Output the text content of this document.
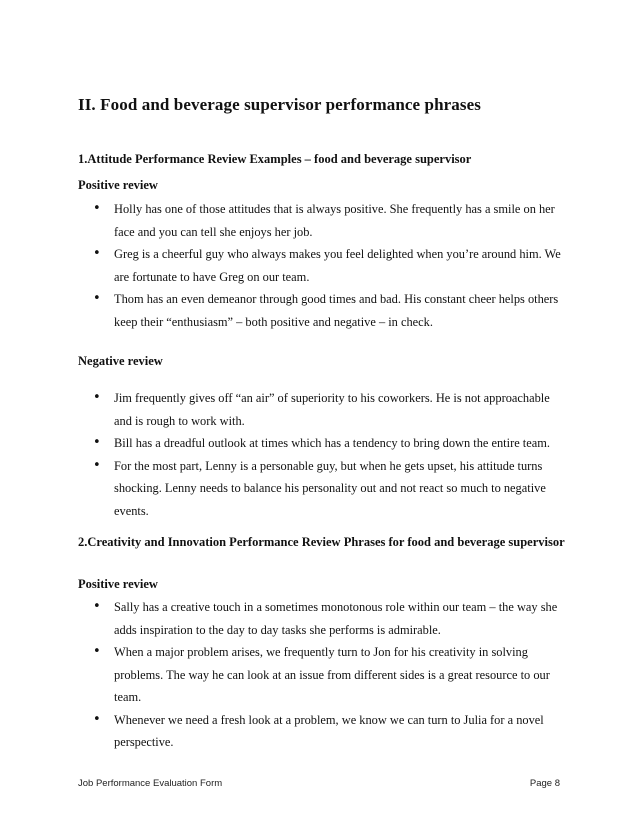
II. Food and beverage supervisor performance phrases

1.Attitude Performance Review Examples – food and beverage supervisor

Positive review

• Holly has one of those attitudes that is always positive. She frequently has a smile on her face and you can tell she enjoys her job.
• Greg is a cheerful guy who always makes you feel delighted when you’re around him. We are fortunate to have Greg on our team.
• Thom has an even demeanor through good times and bad. His constant cheer helps others keep their “enthusiasm” – both positive and negative – in check.

Negative review

• Jim frequently gives off “an air” of superiority to his coworkers. He is not approachable and is rough to work with.
• Bill has a dreadful outlook at times which has a tendency to bring down the entire team.
• For the most part, Lenny is a personable guy, but when he gets upset, his attitude turns shocking. Lenny needs to balance his personality out and not react so much to negative events.

2.Creativity and Innovation Performance Review Phrases for food and beverage supervisor

Positive review

• Sally has a creative touch in a sometimes monotonous role within our team – the way she adds inspiration to the day to day tasks she performs is admirable.
• When a major problem arises, we frequently turn to Jon for his creativity in solving problems. The way he can look at an issue from different sides is a great resource to our team.
• Whenever we need a fresh look at a problem, we know we can turn to Julia for a novel perspective.
Job Performance Evaluation Form	Page 8
